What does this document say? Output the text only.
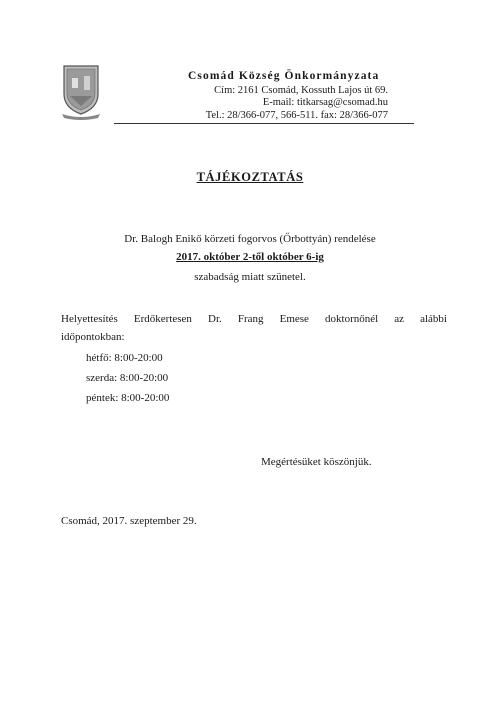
Csomád Község Önkormányzata
Cím: 2161 Csomád, Kossuth Lajos út 69.
E-mail: titkarsag@csomad.hu
Tel.: 28/366-077, 566-511. fax: 28/366-077
TÁJÉKOZTATÁS
Dr. Balogh Enikő körzeti fogorvos (Őrbottyán) rendelése
2017. október 2-től október 6-ig
szabadság miatt szünetel.
Helyettesítés Erdőkertesen Dr. Frang Emese doktornőnél az alábbi
időpontokban:
hétfő: 8:00-20:00
szerda: 8:00-20:00
péntek: 8:00-20:00
Megértésüket köszönjük.
Csomád, 2017. szeptember 29.
